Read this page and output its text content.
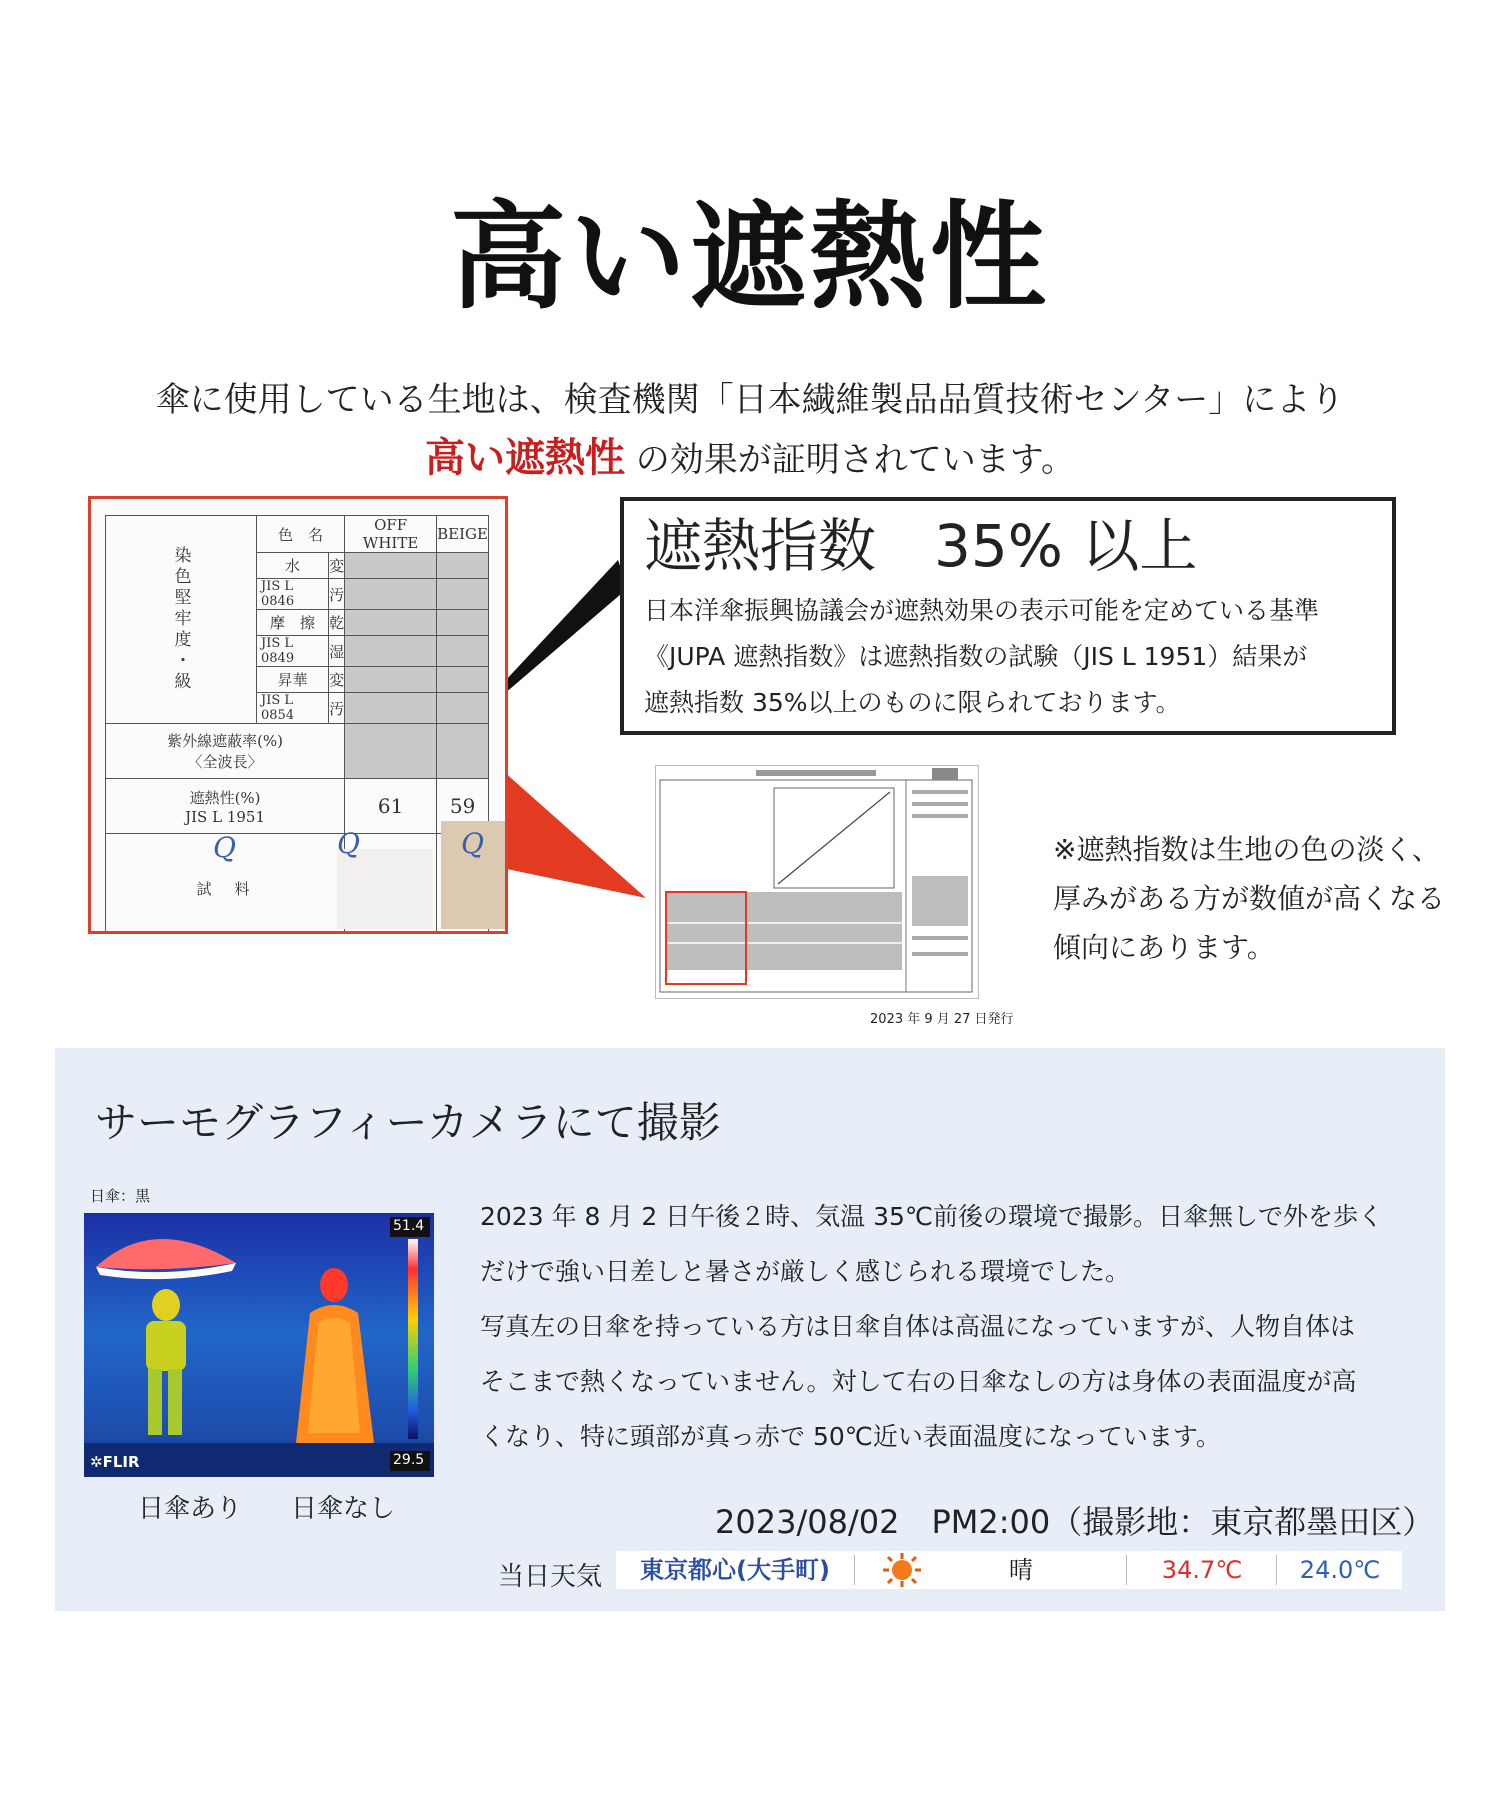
高い遮熱性
傘に使用している生地は、検査機関「日本繊維製品品質技術センター」により
高い遮熱性 の効果が証明されています。
染色堅牢度・級	色　名		OFF WHITE	BEIGE
	水	変		
	JIS L 0846	汚		
	摩　擦	乾		
	JIS L 0849	湿		
	昇華	変		
	JIS L 0854	汚		
紫外線遮蔽率(%)
〈全波長〉				
遮熱性(%)
JIS L 1951			61	59
試　料				
Q	Q	Q
遮熱指数　35% 以上
日本洋傘振興協議会が遮熱効果の表示可能を定めている基準
《JUPA 遮熱指数》は遮熱指数の試験（JIS L 1951）結果が
遮熱指数 35%以上のものに限られております。
2023 年 9 月 27 日発行
※遮熱指数は生地の色の淡く、
厚みがある方が数値が高くなる
傾向にあります。
サーモグラフィーカメラにて撮影
日傘：黒
51.4
29.5
✲FLIR
日傘あり 日傘なし
2023 年 8 月 2 日午後２時、気温 35℃前後の環境で撮影。日傘無しで外を歩く
だけで強い日差しと暑さが厳しく感じられる環境でした。
写真左の日傘を持っている方は日傘自体は高温になっていますが、人物自体は
そこまで熱くなっていません。対して右の日傘なしの方は身体の表面温度が高
くなり、特に頭部が真っ赤で 50℃近い表面温度になっています。
2023/08/02　PM2:00（撮影地：東京都墨田区）
当日天気	東京都心(大手町)	晴	34.7℃	24.0℃
